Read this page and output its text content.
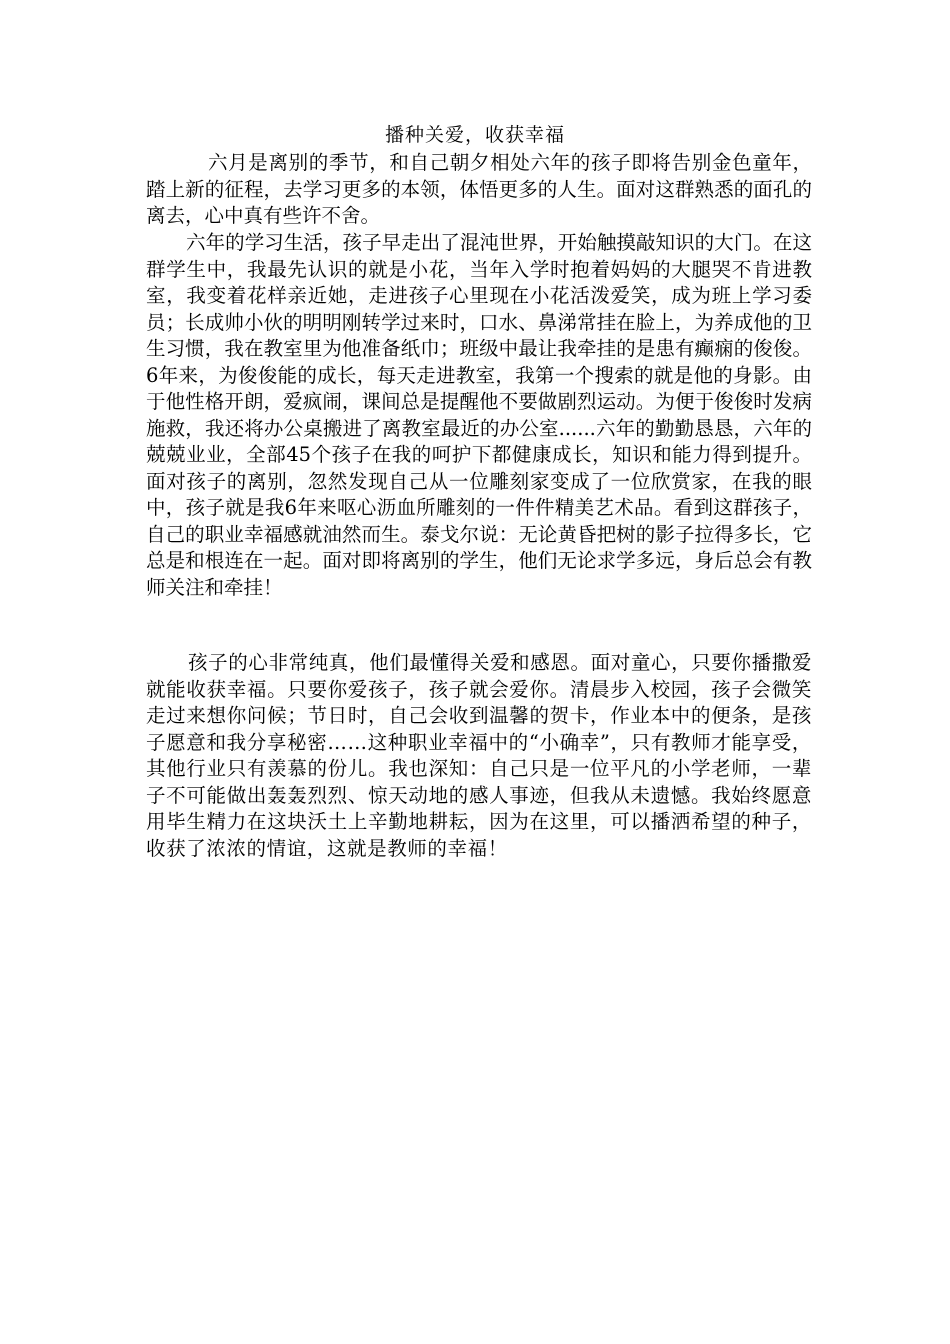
播种关爱，收获幸福
六月是离别的季节，和自己朝夕相处六年的孩子即将告别金色童年，踏上新的征程，去学习更多的本领，体悟更多的人生。面对这群熟悉的面孔的离去，心中真有些许不舍。
六年的学习生活，孩子早走出了混沌世界，开始触摸敲知识的大门。在这群学生中，我最先认识的就是小花，当年入学时抱着妈妈的大腿哭不肯进教室，我变着花样亲近她，走进孩子心里现在小花活泼爱笑，成为班上学习委员；长成帅小伙的明明刚转学过来时，口水、鼻涕常挂在脸上，为养成他的卫生习惯，我在教室里为他准备纸巾；班级中最让我牵挂的是患有癫痫的俊俊。6年来，为俊俊能的成长，每天走进教室，我第一个搜索的就是他的身影。由于他性格开朗，爱疯闹，课间总是提醒他不要做剧烈运动。为便于俊俊时发病施救，我还将办公桌搬进了离教室最近的办公室......六年的勤勤恳恳，六年的兢兢业业，全部45个孩子在我的呵护下都健康成长，知识和能力得到提升。面对孩子的离别，忽然发现自己从一位雕刻家变成了一位欣赏家，在我的眼中，孩子就是我6年来呕心沥血所雕刻的一件件精美艺术品。看到这群孩子，自己的职业幸福感就油然而生。泰戈尔说：无论黄昏把树的影子拉得多长，它总是和根连在一起。面对即将离别的学生，他们无论求学多远，身后总会有教师关注和牵挂！
孩子的心非常纯真，他们最懂得关爱和感恩。面对童心，只要你播撒爱就能收获幸福。只要你爱孩子，孩子就会爱你。清晨步入校园，孩子会微笑走过来想你问候；节日时，自己会收到温馨的贺卡，作业本中的便条，是孩子愿意和我分享秘密……这种职业幸福中的“小确幸”，只有教师才能享受，其他行业只有羡慕的份儿。我也深知：自己只是一位平凡的小学老师，一辈子不可能做出轰轰烈烈、惊天动地的感人事迹，但我从未遗憾。我始终愿意用毕生精力在这块沃土上辛勤地耕耘，因为在这里，可以播洒希望的种子，收获了浓浓的情谊，这就是教师的幸福！
